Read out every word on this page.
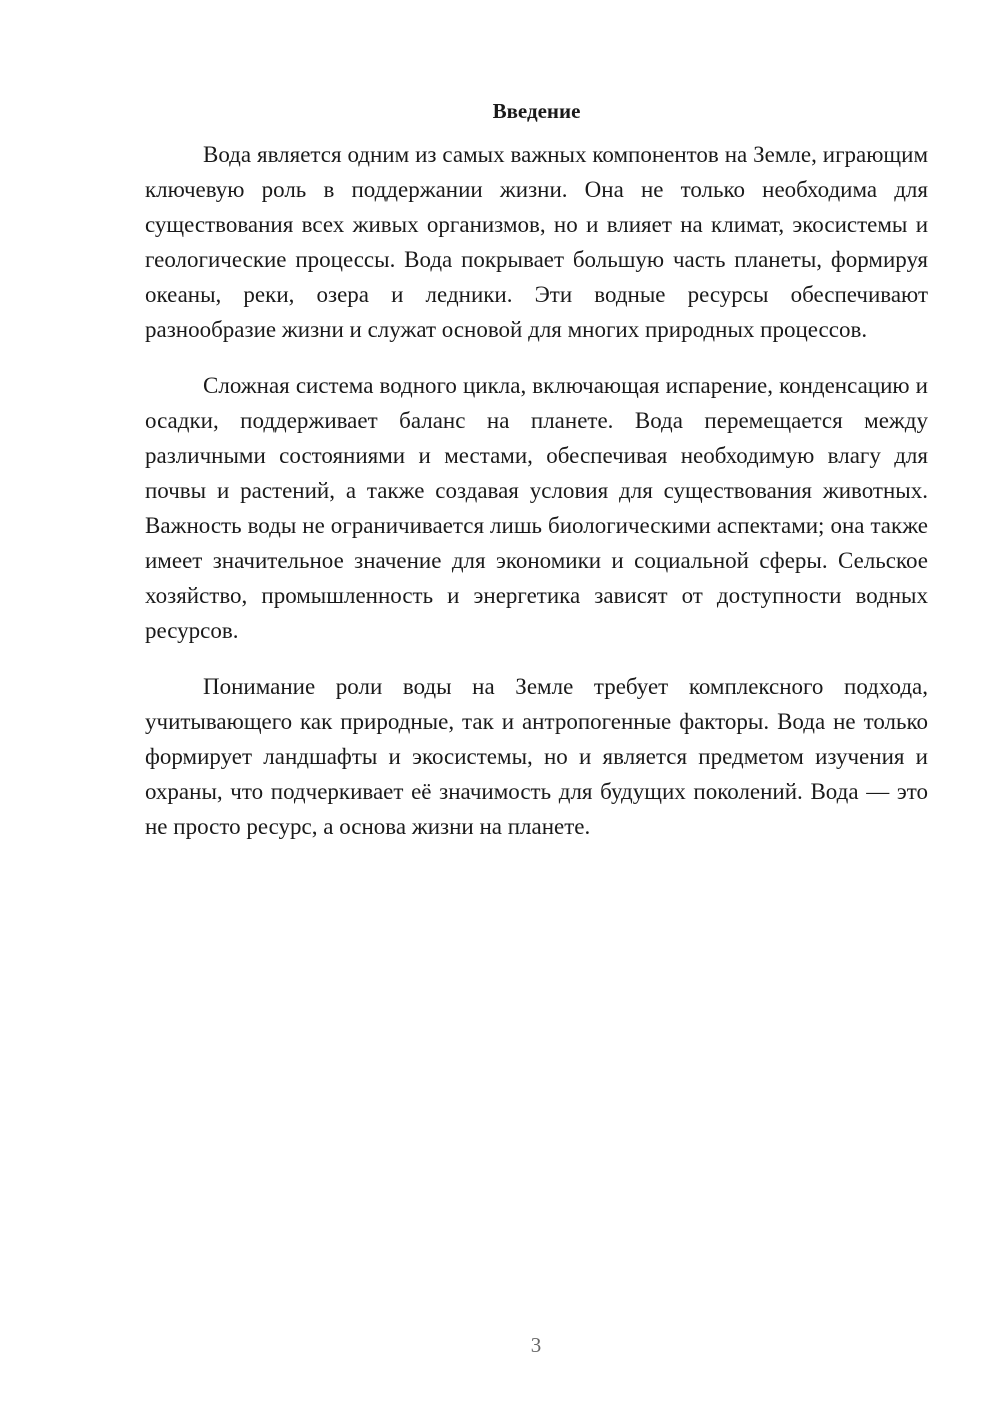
Введение

Вода является одним из самых важных компонентов на Земле, играющим ключевую роль в поддержании жизни. Она не только необходима для существования всех живых организмов, но и влияет на климат, экосистемы и геологические процессы. Вода покрывает большую часть планеты, формируя океаны, реки, озера и ледники. Эти водные ресурсы обеспечивают разнообразие жизни и служат основой для многих природных процессов.

Сложная система водного цикла, включающая испарение, конденсацию и осадки, поддерживает баланс на планете. Вода перемещается между различными состояниями и местами, обеспечивая необходимую влагу для почвы и растений, а также создавая условия для существования животных. Важность воды не ограничивается лишь биологическими аспектами; она также имеет значительное значение для экономики и социальной сферы. Сельское хозяйство, промышленность и энергетика зависят от доступности водных ресурсов.

Понимание роли воды на Земле требует комплексного подхода, учитывающего как природные, так и антропогенные факторы. Вода не только формирует ландшафты и экосистемы, но и является предметом изучения и охраны, что подчеркивает её значимость для будущих поколений. Вода — это не просто ресурс, а основа жизни на планете.

3
